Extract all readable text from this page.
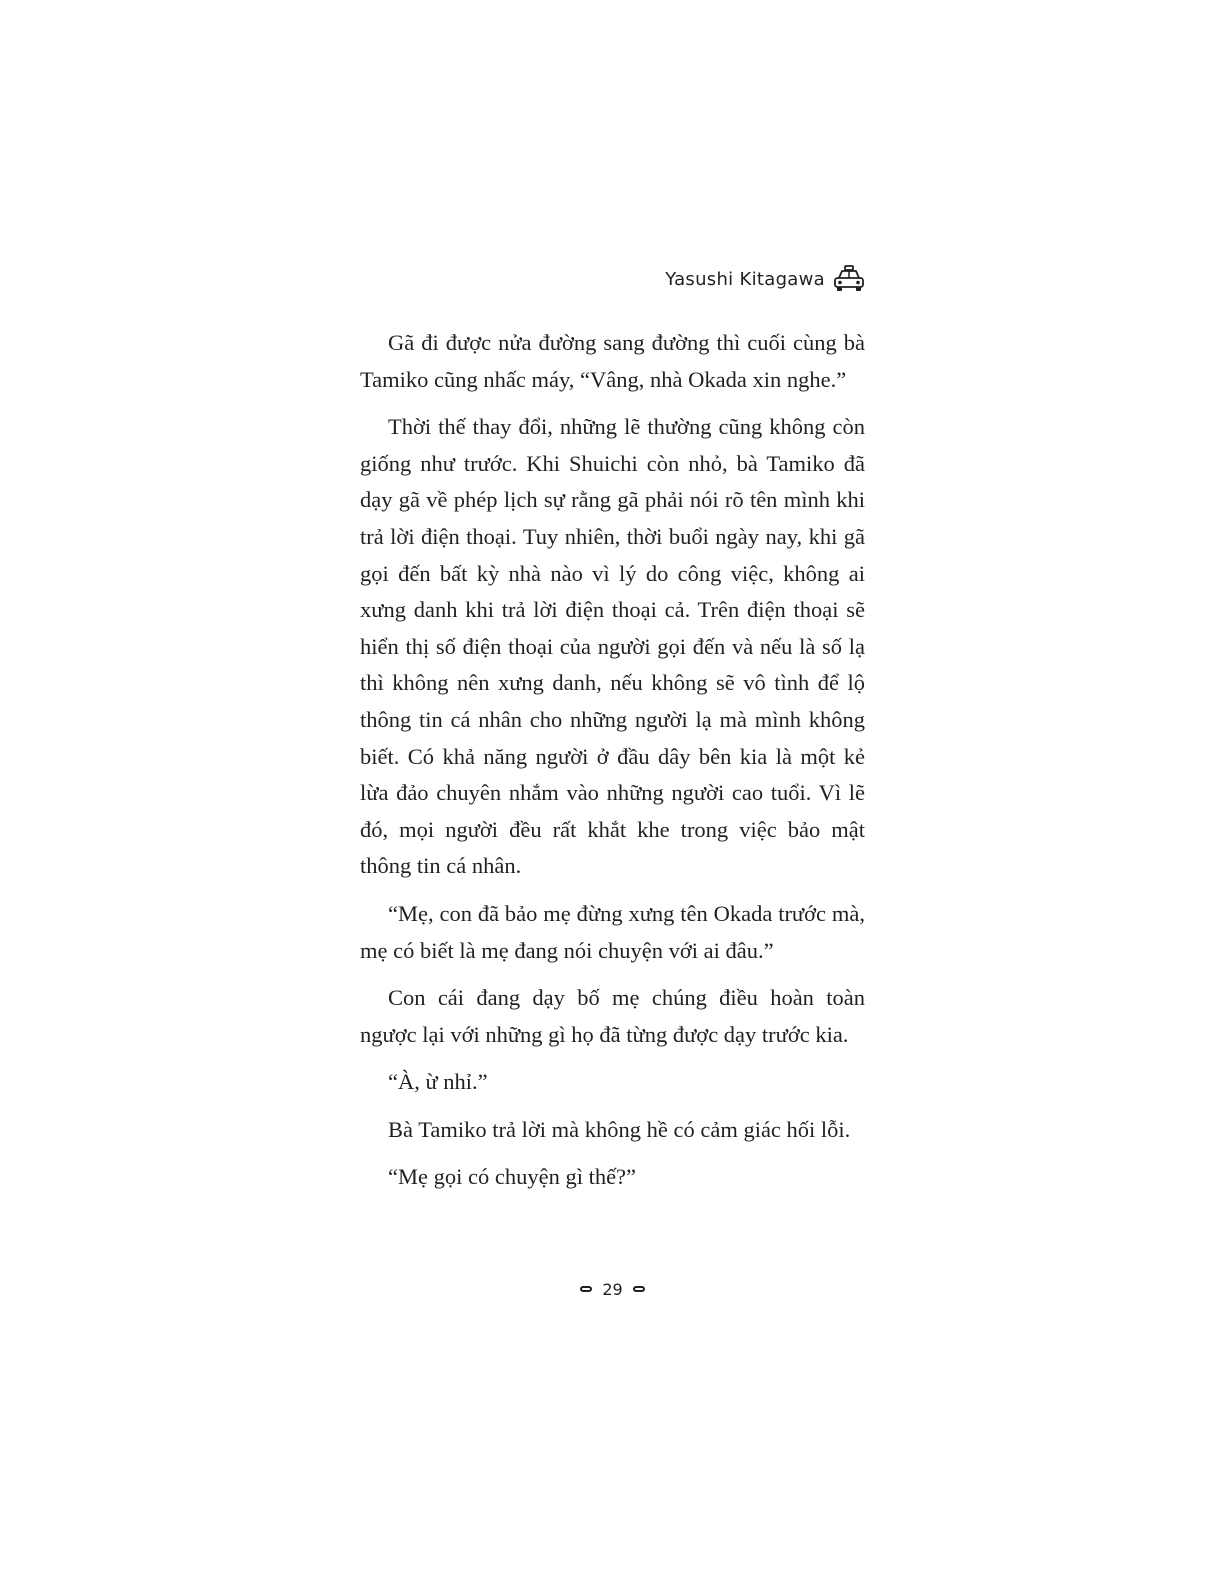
Yasushi Kitagawa

Gã đi được nửa đường sang đường thì cuối cùng bà Tamiko cũng nhấc máy, “Vâng, nhà Okada xin nghe.”

Thời thế thay đổi, những lẽ thường cũng không còn giống như trước. Khi Shuichi còn nhỏ, bà Tamiko đã dạy gã về phép lịch sự rằng gã phải nói rõ tên mình khi trả lời điện thoại. Tuy nhiên, thời buổi ngày nay, khi gã gọi đến bất kỳ nhà nào vì lý do công việc, không ai xưng danh khi trả lời điện thoại cả. Trên điện thoại sẽ hiển thị số điện thoại của người gọi đến và nếu là số lạ thì không nên xưng danh, nếu không sẽ vô tình để lộ thông tin cá nhân cho những người lạ mà mình không biết. Có khả năng người ở đầu dây bên kia là một kẻ lừa đảo chuyên nhắm vào những người cao tuổi. Vì lẽ đó, mọi người đều rất khắt khe trong việc bảo mật thông tin cá nhân.

“Mẹ, con đã bảo mẹ đừng xưng tên Okada trước mà, mẹ có biết là mẹ đang nói chuyện với ai đâu.”

Con cái đang dạy bố mẹ chúng điều hoàn toàn ngược lại với những gì họ đã từng được dạy trước kia.

“À, ừ nhỉ.”

Bà Tamiko trả lời mà không hề có cảm giác hối lỗi.

“Mẹ gọi có chuyện gì thế?”

29
